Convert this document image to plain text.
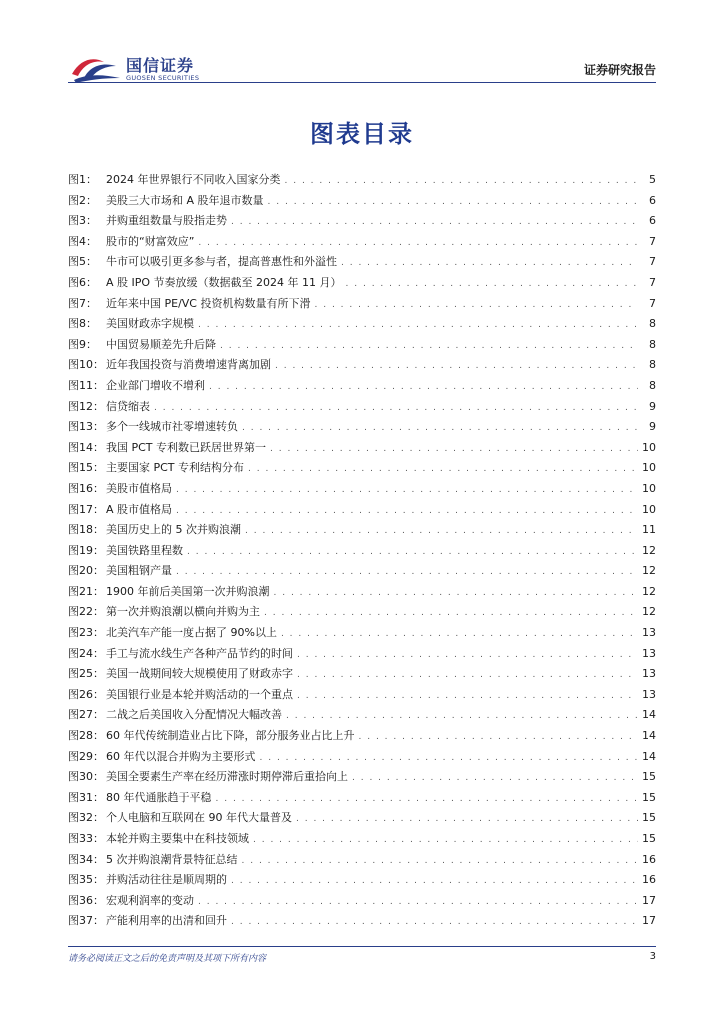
国信证券
GUOSEN SECURITIES
证券研究报告
图表目录
图1： 2024 年世界银行不同收入国家分类 . . .	5
图2： 美股三大市场和 A 股年退市数量 . . .	6
图3： 并购重组数量与股指走势 . . .	6
图4： 股市的“财富效应” . . .	7
图5： 牛市可以吸引更多参与者，提高普惠性和外溢性 . . .	7
图6： A 股 IPO 节奏放缓（数据截至 2024 年 11 月） . . .	7
图7： 近年来中国 PE/VC 投资机构数量有所下滑 . . .	7
图8： 美国财政赤字规模 . . .	8
图9： 中国贸易顺差先升后降 . . .	8
图10： 近年我国投资与消费增速背离加剧 . . .	8
图11： 企业部门增收不增利 . . .	8
图12： 信贷缩表 . . .	9
图13： 多个一线城市社零增速转负 . . .	9
图14： 我国 PCT 专利数已跃居世界第一 . . .	10
图15： 主要国家 PCT 专利结构分布 . . .	10
图16： 美股市值格局 . . .	10
图17： A 股市值格局 . . .	10
图18： 美国历史上的 5 次并购浪潮 . . .	11
图19： 美国铁路里程数 . . .	12
图20： 美国粗钢产量 . . .	12
图21： 1900 年前后美国第一次并购浪潮 . . .	12
图22： 第一次并购浪潮以横向并购为主 . . .	12
图23： 北美汽车产能一度占据了 90%以上 . . .	13
图24： 手工与流水线生产各种产品节约的时间 . . .	13
图25： 美国一战期间较大规模使用了财政赤字 . . .	13
图26： 美国银行业是本轮并购活动的一个重点 . . .	13
图27： 二战之后美国收入分配情况大幅改善 . . .	14
图28： 60 年代传统制造业占比下降，部分服务业占比上升 . . .	14
图29： 60 年代以混合并购为主要形式 . . .	14
图30： 美国全要素生产率在经历滞涨时期停滞后重拾向上 . . .	15
图31： 80 年代通胀趋于平稳 . . .	15
图32： 个人电脑和互联网在 90 年代大量普及 . . .	15
图33： 本轮并购主要集中在科技领域 . . .	15
图34： 5 次并购浪潮背景特征总结 . . .	16
图35： 并购活动往往是顺周期的 . . .	16
图36： 宏观利润率的变动 . . .	17
图37： 产能利用率的出清和回升 . . .	17
请务必阅读正文之后的免责声明及其项下所有内容	3
